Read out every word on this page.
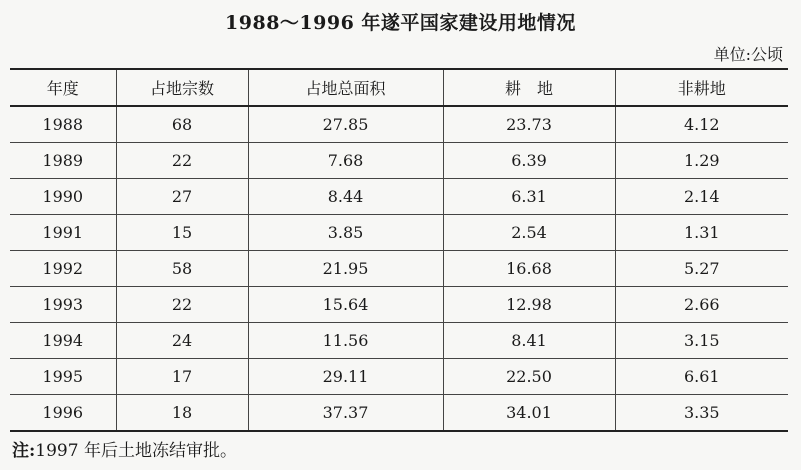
1988～1996 年遂平国家建设用地情况
单位:公顷
年度	占地宗数	占地总面积	耕　地	非耕地
1988	68	27.85	23.73	4.12
1989	22	7.68	6.39	1.29
1990	27	8.44	6.31	2.14
1991	15	3.85	2.54	1.31
1992	58	21.95	16.68	5.27
1993	22	15.64	12.98	2.66
1994	24	11.56	8.41	3.15
1995	17	29.11	22.50	6.61
1996	18	37.37	34.01	3.35
注:1997 年后土地冻结审批。
